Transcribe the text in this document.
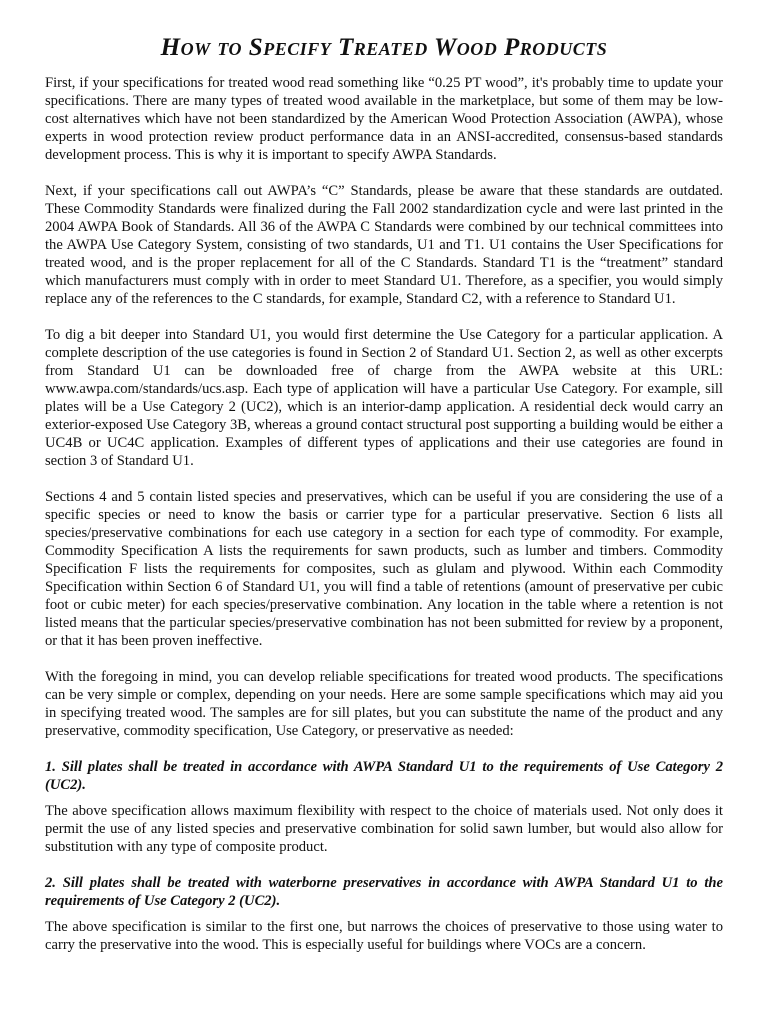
How to Specify Treated Wood Products

First, if your specifications for treated wood read something like “0.25 PT wood”, it's probably time to update your specifications. There are many types of treated wood available in the marketplace, but some of them may be low-cost alternatives which have not been standardized by the American Wood Protection Association (AWPA), whose experts in wood protection review product performance data in an ANSI-accredited, consensus-based standards development process. This is why it is important to specify AWPA Standards.

Next, if your specifications call out AWPA’s “C” Standards, please be aware that these standards are outdated. These Commodity Standards were finalized during the Fall 2002 standardization cycle and were last printed in the 2004 AWPA Book of Standards. All 36 of the AWPA C Standards were combined by our technical committees into the AWPA Use Category System, consisting of two standards, U1 and T1. U1 contains the User Specifications for treated wood, and is the proper replacement for all of the C Standards. Standard T1 is the “treatment” standard which manufacturers must comply with in order to meet Standard U1. Therefore, as a specifier, you would simply replace any of the references to the C standards, for example, Standard C2, with a reference to Standard U1.

To dig a bit deeper into Standard U1, you would first determine the Use Category for a particular application. A complete description of the use categories is found in Section 2 of Standard U1. Section 2, as well as other excerpts from Standard U1 can be downloaded free of charge from the AWPA website at this URL: www.awpa.com/standards/ucs.asp. Each type of application will have a particular Use Category. For example, sill plates will be a Use Category 2 (UC2), which is an interior-damp application. A residential deck would carry an exterior-exposed Use Category 3B, whereas a ground contact structural post supporting a building would be either a UC4B or UC4C application. Examples of different types of applications and their use categories are found in section 3 of Standard U1.

Sections 4 and 5 contain listed species and preservatives, which can be useful if you are considering the use of a specific species or need to know the basis or carrier type for a particular preservative. Section 6 lists all species/preservative combinations for each use category in a section for each type of commodity. For example, Commodity Specification A lists the requirements for sawn products, such as lumber and timbers. Commodity Specification F lists the requirements for composites, such as glulam and plywood. Within each Commodity Specification within Section 6 of Standard U1, you will find a table of retentions (amount of preservative per cubic foot or cubic meter) for each species/preservative combination. Any location in the table where a retention is not listed means that the particular species/preservative combination has not been submitted for review by a proponent, or that it has been proven ineffective.

With the foregoing in mind, you can develop reliable specifications for treated wood products. The specifications can be very simple or complex, depending on your needs. Here are some sample specifications which may aid you in specifying treated wood. The samples are for sill plates, but you can substitute the name of the product and any preservative, commodity specification, Use Category, or preservative as needed:

1. Sill plates shall be treated in accordance with AWPA Standard U1 to the requirements of Use Category 2 (UC2).

The above specification allows maximum flexibility with respect to the choice of materials used. Not only does it permit the use of any listed species and preservative combination for solid sawn lumber, but would also allow for substitution with any type of composite product.

2. Sill plates shall be treated with waterborne preservatives in accordance with AWPA Standard U1 to the requirements of Use Category 2 (UC2).

The above specification is similar to the first one, but narrows the choices of preservative to those using water to carry the preservative into the wood. This is especially useful for buildings where VOCs are a concern.
